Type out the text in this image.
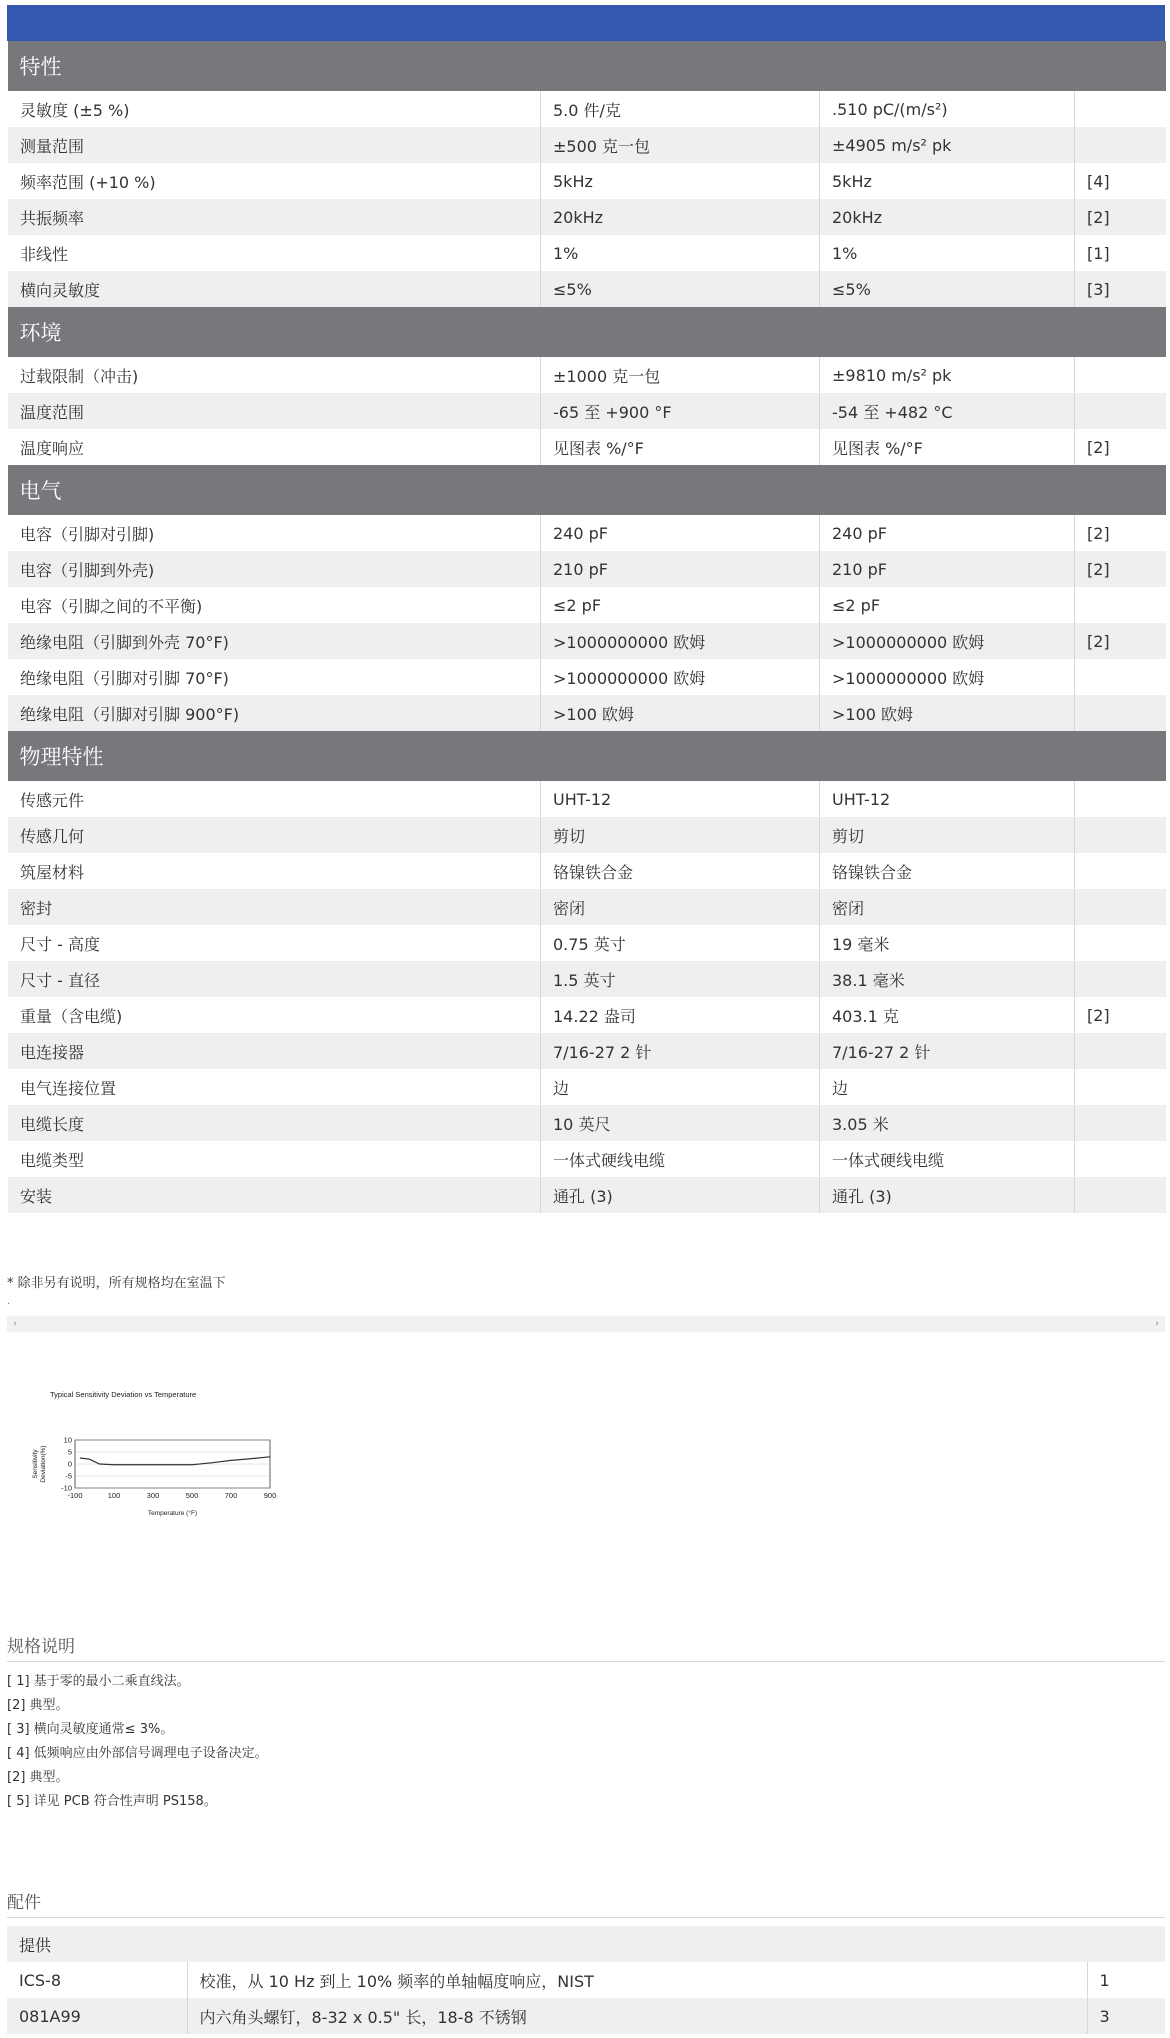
特性			
灵敏度 (±5 %)	5.0 件/克	.510 pC/(m/s²)	
测量范围	±500 克一包	±4905 m/s² pk	
频率范围 (+10 %)	5kHz	5kHz	[4]
共振频率	20kHz	20kHz	[2]
非线性	1%	1%	[1]
横向灵敏度	≤5%	≤5%	[3]
环境			
过载限制（冲击)	±1000 克一包	±9810 m/s² pk	
温度范围	-65 至 +900 °F	-54 至 +482 °C	
温度响应	见图表 %/°F	见图表 %/°F	[2]
电气			
电容（引脚对引脚)	240 pF	240 pF	[2]
电容（引脚到外壳)	210 pF	210 pF	[2]
电容（引脚之间的不平衡)	≤2 pF	≤2 pF	
绝缘电阻（引脚到外壳 70°F)	>1000000000 欧姆	>1000000000 欧姆	[2]
绝缘电阻（引脚对引脚 70°F)	>1000000000 欧姆	>1000000000 欧姆	
绝缘电阻（引脚对引脚 900°F)	>100 欧姆	>100 欧姆	
物理特性			
传感元件	UHT-12	UHT-12	
传感几何	剪切	剪切	
筑屋材料	铬镍铁合金	铬镍铁合金	
密封	密闭	密闭	
尺寸 - 高度	0.75 英寸	19 毫米	
尺寸 - 直径	1.5 英寸	38.1 毫米	
重量（含电缆)	14.22 盎司	403.1 克	[2]
电连接器	7/16-27 2 针	7/16-27 2 针	
电气连接位置	边	边	
电缆长度	10 英尺	3.05 米	
电缆类型	一体式硬线电缆	一体式硬线电缆	
安装	通孔 (3)	通孔 (3)	
* 除非另有说明，所有规格均在室温下
.
‹	›
Typical Sensitivity Deviation vs Temperature
10
5
0
-5
-10
-100	100	300	500	700	900
Temperature (°F)
Sensitivity Deviation(%)
规格说明
[ 1] 基于零的最小二乘直线法。
[2] 典型。
[ 3] 横向灵敏度通常≤ 3%。
[ 4] 低频响应由外部信号调理电子设备决定。
[2] 典型。
[ 5] 详见 PCB 符合性声明 PS158。
配件
提供		
ICS-8	校准，从 10 Hz 到上 10% 频率的单轴幅度响应，NIST	1
081A99	内六角头螺钉，8-32 x 0.5" 长，18-8 不锈钢	3
